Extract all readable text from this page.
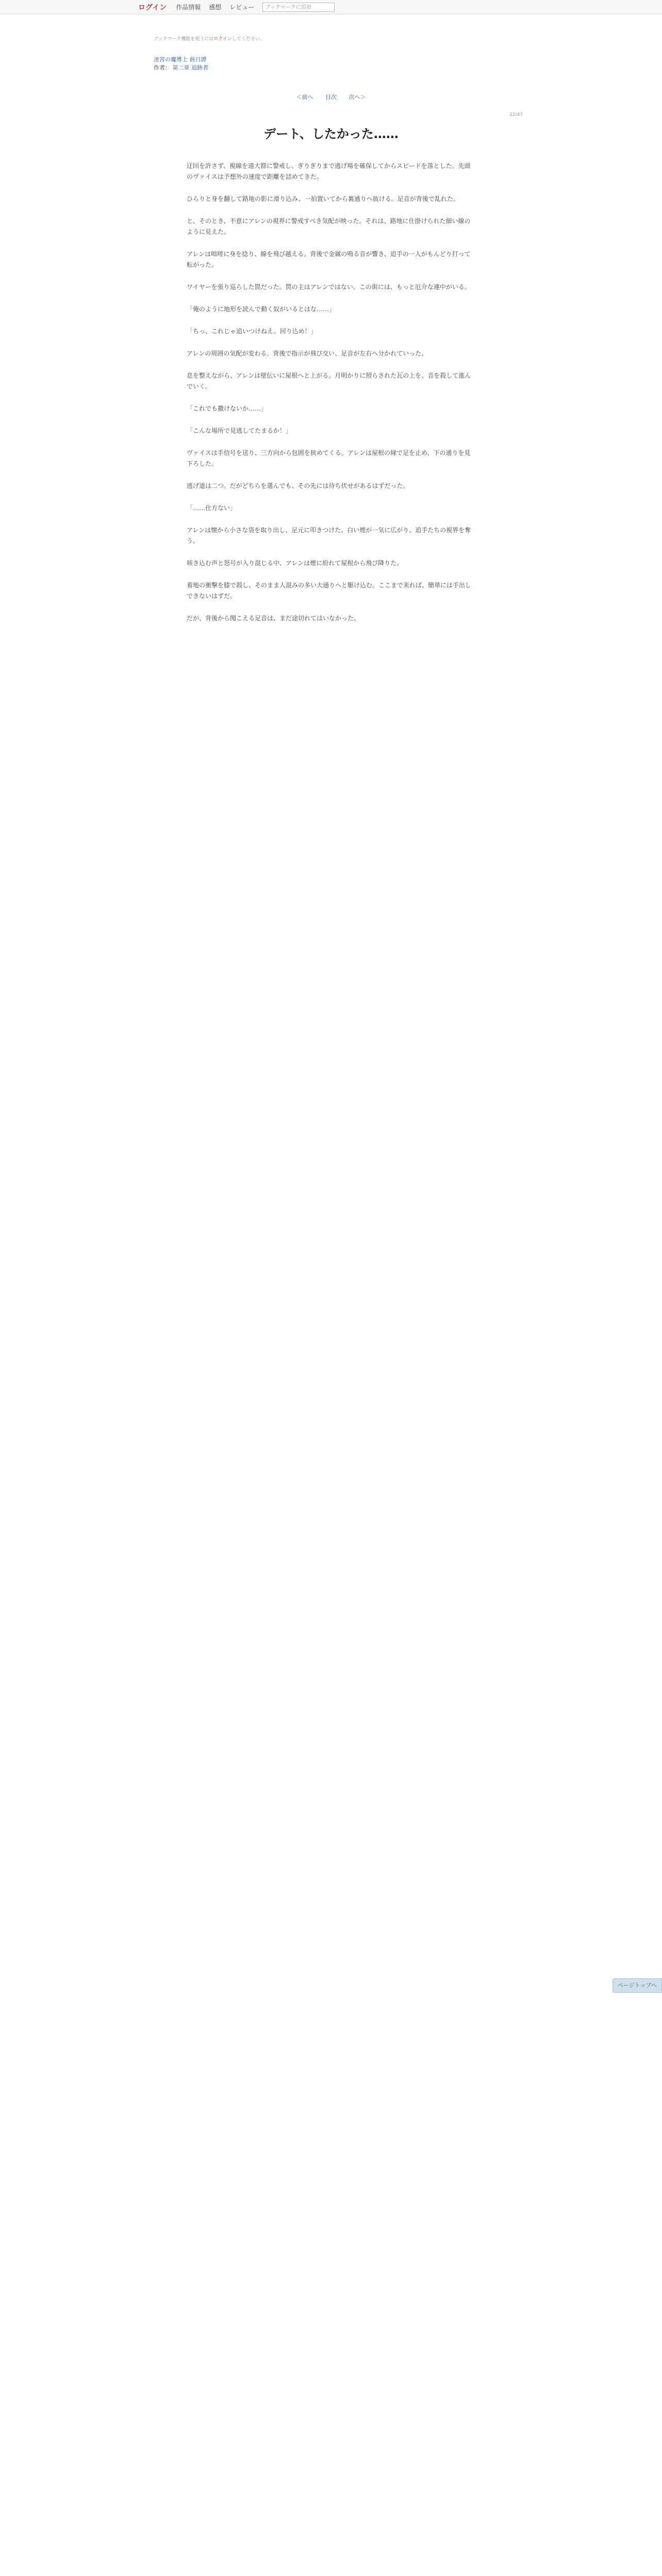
ログイン 作品情報 感想 レビュー	ブックマークに追加
ブックマーク機能を使うにはログインしてください。
迷宮の魔導士 前日譚
作者： 第二章 追跡者
＜前へ 目次 次へ＞
22/47
デート、したかった……

迂回を許さず、視線を遠大群に警戒し、ぎりぎりまで逃げ場を確保してからスピードを落とした。先頭のヴァイスは予想外の速度で距離を詰めてきた。

ひらりと身を翻して路地の影に滑り込み、一拍置いてから裏通りへ抜ける。足音が背後で乱れた。

と、そのとき、不意にアレンの視界に警戒すべき気配が映った。それは、路地に仕掛けられた細い線のように見えた。

アレンは咄嗟に身を捻り、線を飛び越える。背後で金属の鳴る音が響き、追手の一人がもんどり打って転がった。

ワイヤーを張り巡らした罠だった。罠の主はアレンではない。この街には、もっと厄介な連中がいる。

「俺のように地形を読んで動く奴がいるとはな……」

「ちっ、これじゃ追いつけねえ。回り込め！」

アレンの周囲の気配が変わる。背後で指示が飛び交い、足音が左右へ分かれていった。

息を整えながら、アレンは壁伝いに屋根へと上がる。月明かりに照らされた瓦の上を、音を殺して進んでいく。

「これでも撒けないか……」

「こんな場所で見逃してたまるか！」

ヴァイスは手信号を送り、三方向から包囲を狭めてくる。アレンは屋根の縁で足を止め、下の通りを見下ろした。

逃げ道は二つ。だがどちらを選んでも、その先には待ち伏せがあるはずだった。

「……仕方ない」

アレンは懐から小さな袋を取り出し、足元に叩きつけた。白い煙が一気に広がり、追手たちの視界を奪う。

咳き込む声と怒号が入り混じる中、アレンは煙に紛れて屋根から飛び降りた。

着地の衝撃を膝で殺し、そのまま人混みの多い大通りへと駆け込む。ここまで来れば、簡単には手出しできないはずだ。

だが、背後から聞こえる足音は、まだ途切れてはいなかった。

ページトップへ
